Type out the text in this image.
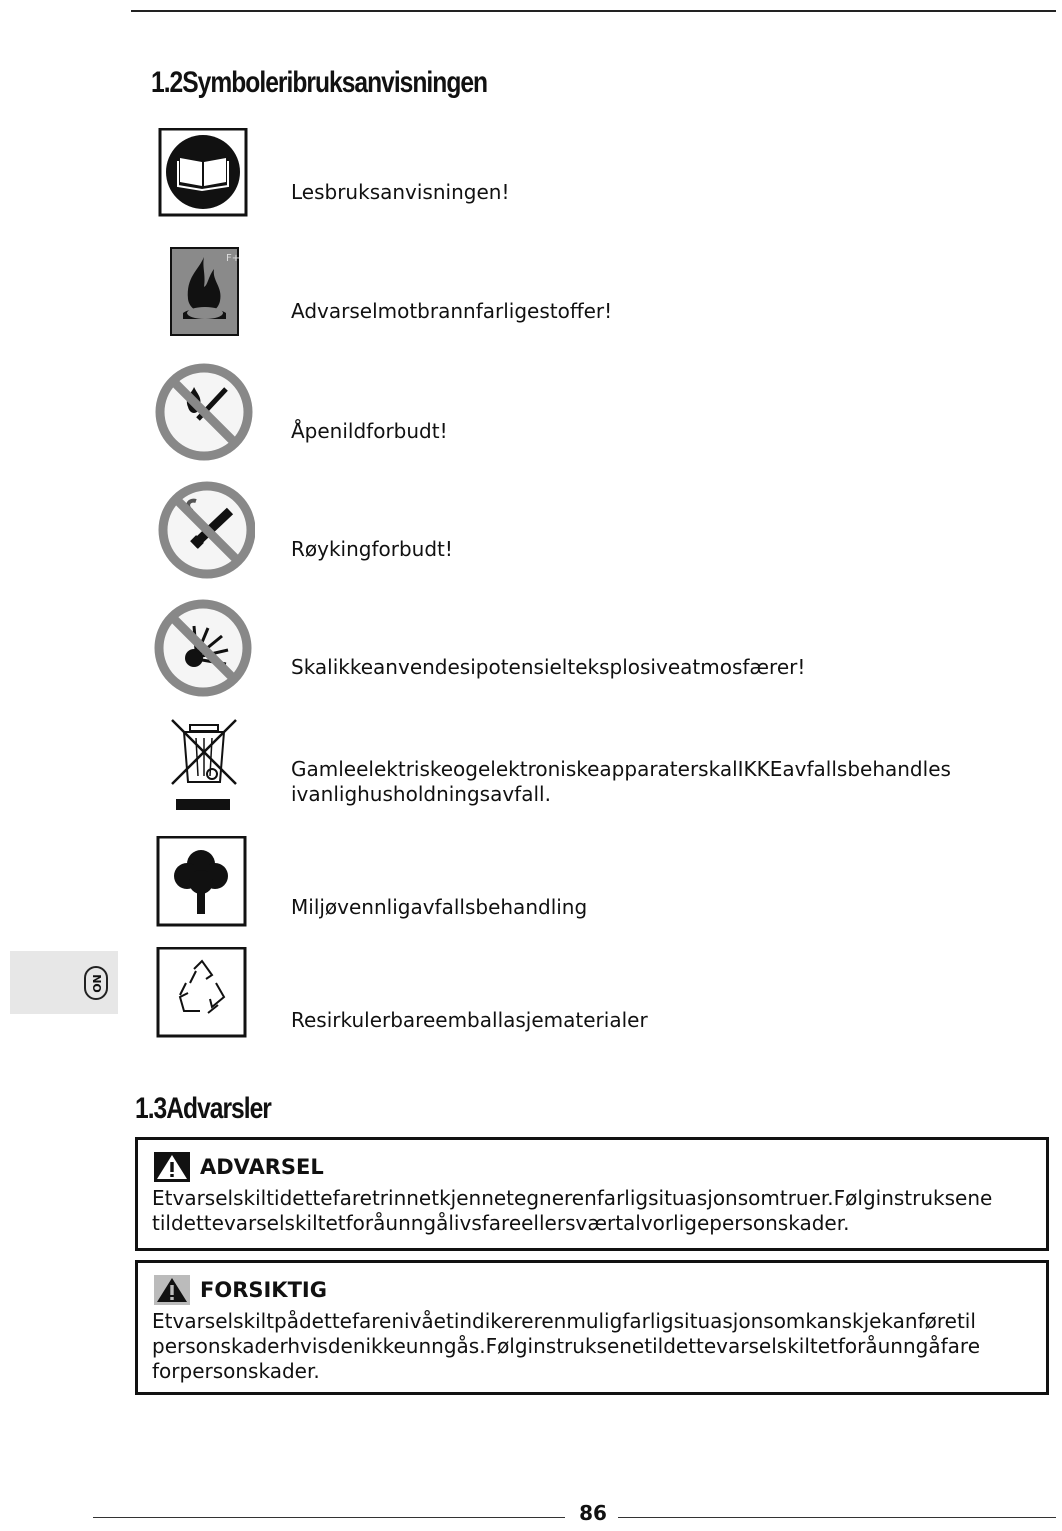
1.2Symboleribruksanvisningen
Lesbruksanvisningen!
F+
Advarselmotbrannfarligestoffer!
Åpenildforbudt!
Røykingforbudt!
Skalikkeanvendesipotensielteksplosiveatmosfærer!
GamleelektriskeogelektroniskeapparaterskalIKKEavfallsbehandles
ivanlighusholdningsavfall.
Miljøvennligavfallsbehandling
Resirkulerbareemballasjematerialer
NO
1.3Advarsler
ADVARSEL
Etvarselskiltidettefaretrinnetkjennetegnerenfarligsituasjonsomtruer.Følginstruksene
tildettevarselskiltetforåunngålivsfareellersværtalvorligepersonskader.
FORSIKTIG
Etvarselskiltpådettefarenivåetindikererenmuligfarligsituasjonsomkanskjekanføretil
personskaderhvisdenikkeunngås.Følginstruksenetildettevarselskiltetforåunngåfare
forpersonskader.
86
